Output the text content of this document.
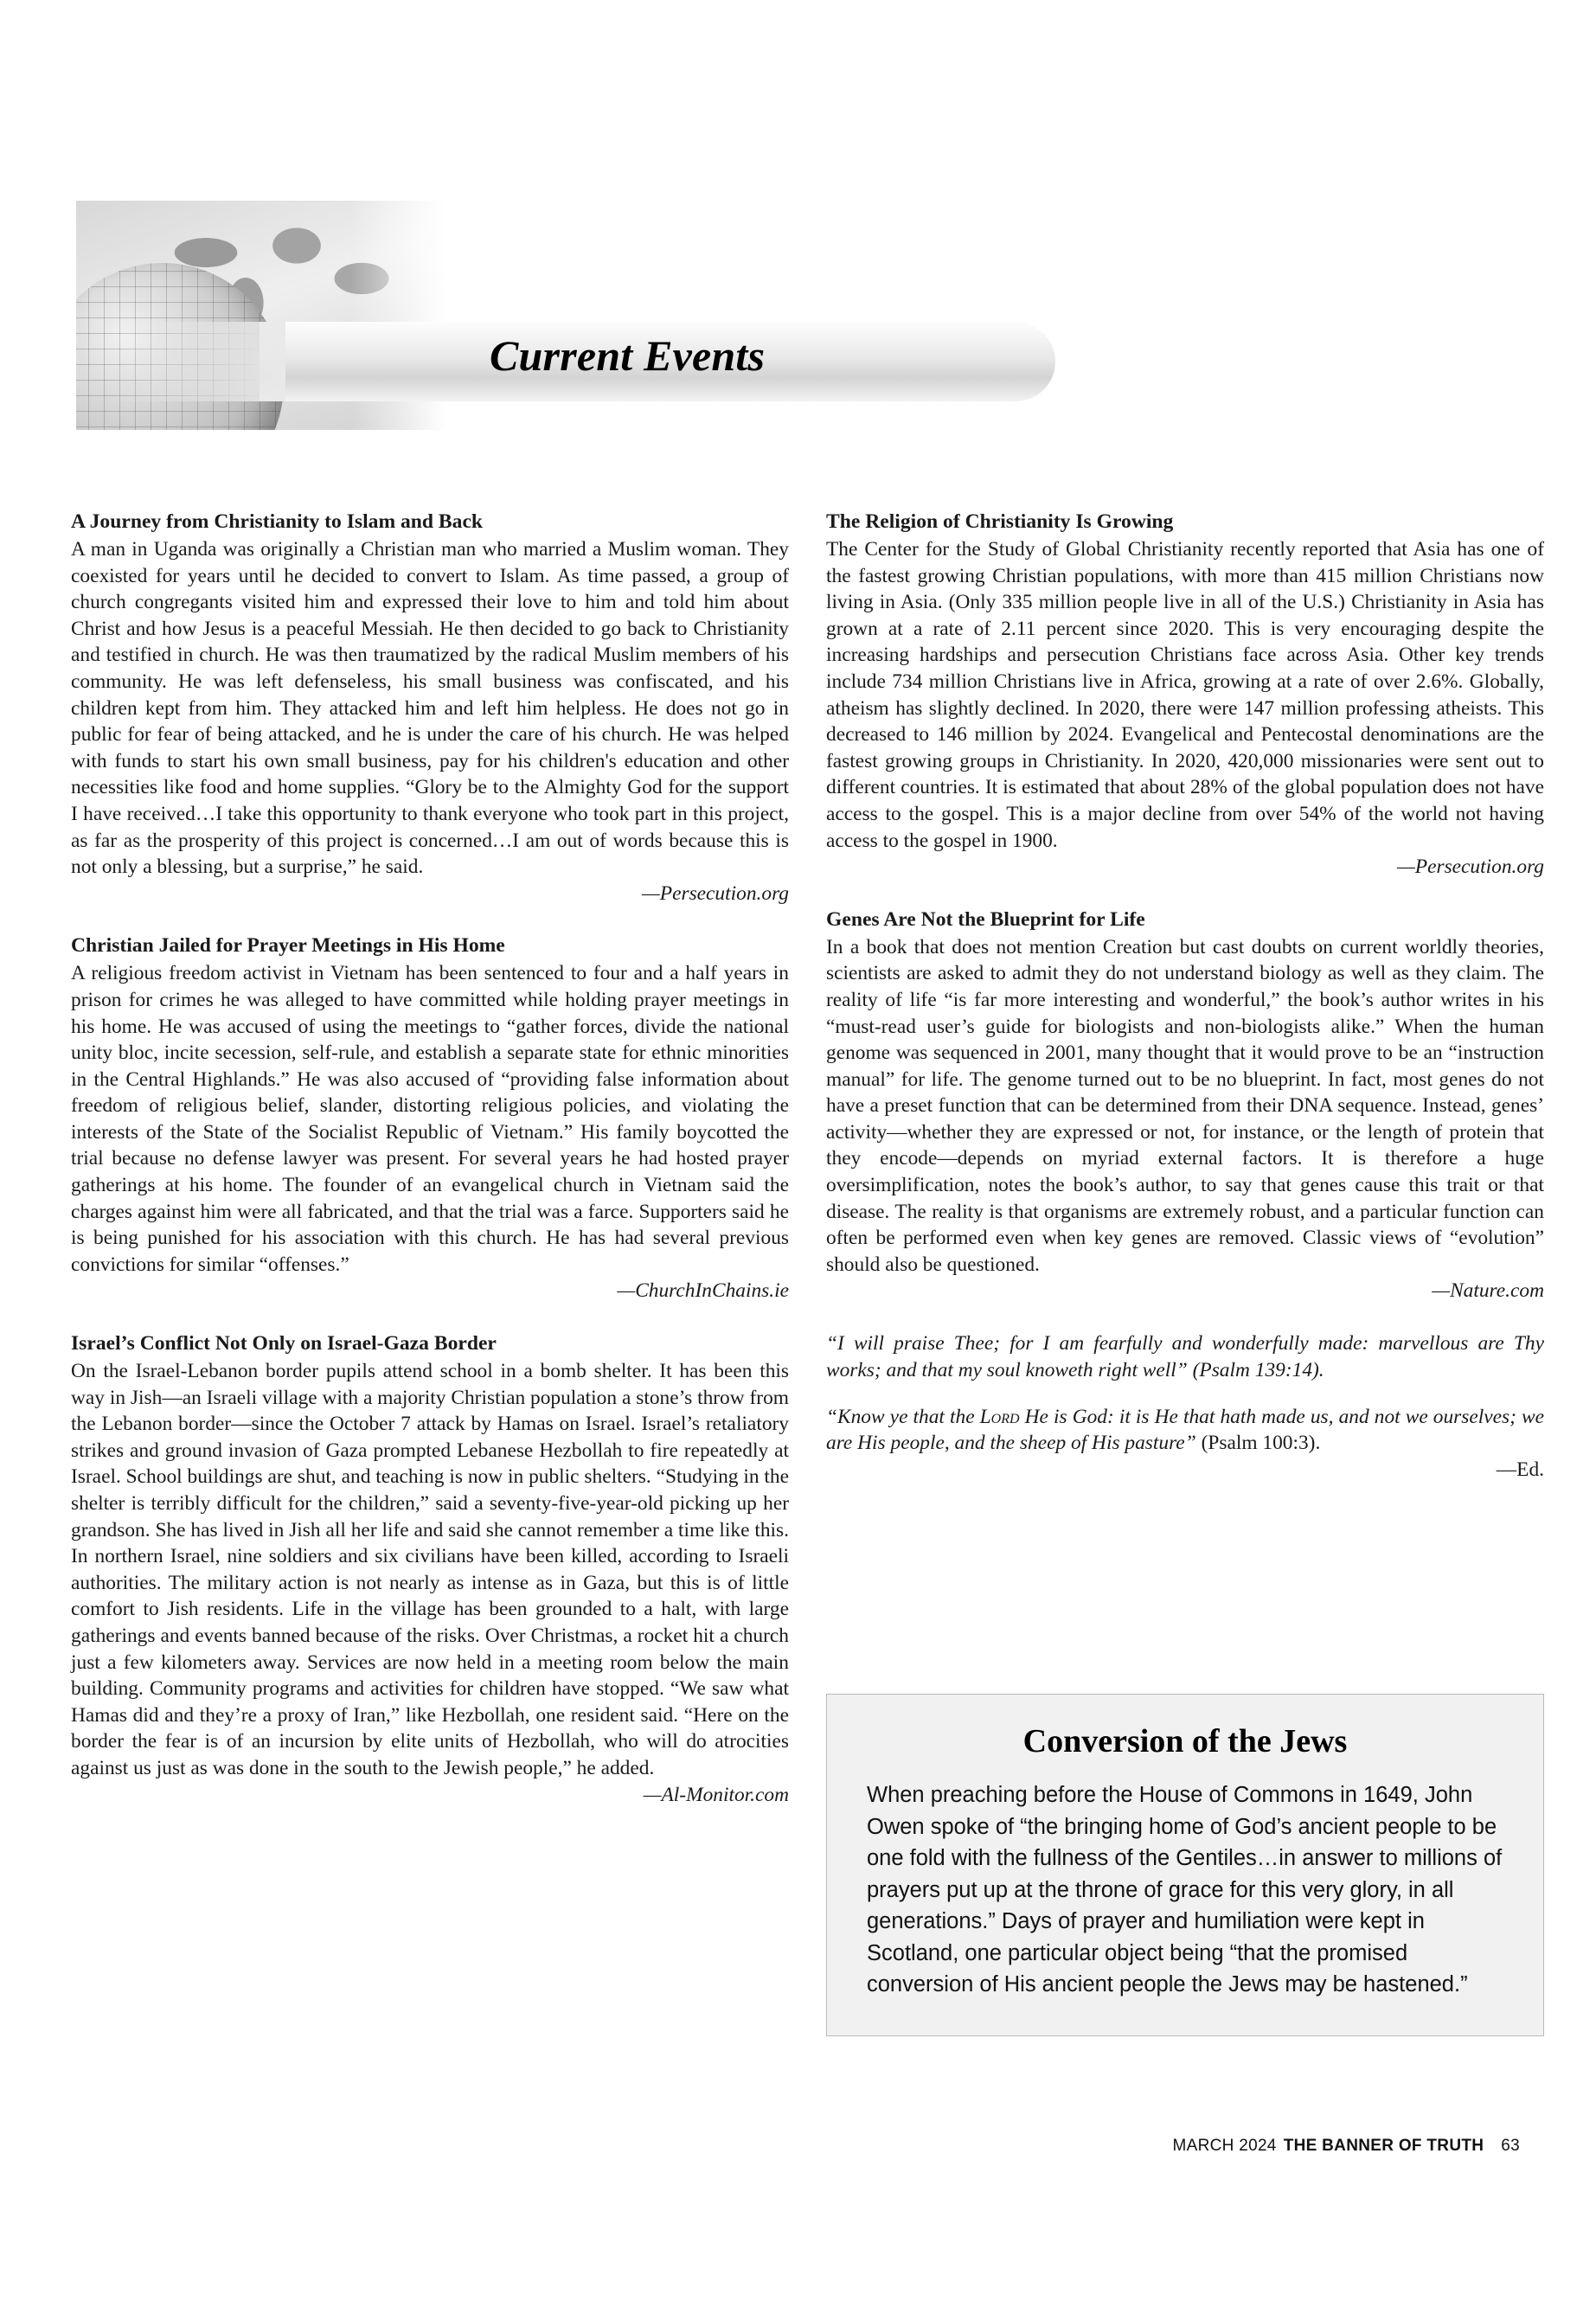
Current Events
A Journey from Christianity to Islam and Back

A man in Uganda was originally a Christian man who married a Muslim woman. They coexisted for years until he decided to convert to Islam. As time passed, a group of church congregants visited him and expressed their love to him and told him about Christ and how Jesus is a peaceful Messiah. He then decided to go back to Christianity and testified in church. He was then traumatized by the radical Muslim members of his community. He was left defenseless, his small business was confiscated, and his children kept from him. They attacked him and left him helpless. He does not go in public for fear of being attacked, and he is under the care of his church. He was helped with funds to start his own small business, pay for his children's education and other necessities like food and home supplies. “Glory be to the Almighty God for the support I have received…I take this opportunity to thank everyone who took part in this project, as far as the prosperity of this project is concerned…I am out of words because this is not only a blessing, but a surprise,” he said.

—Persecution.org

Christian Jailed for Prayer Meetings in His Home

A religious freedom activist in Vietnam has been sentenced to four and a half years in prison for crimes he was alleged to have committed while holding prayer meetings in his home. He was accused of using the meetings to “gather forces, divide the national unity bloc, incite secession, self-rule, and establish a separate state for ethnic minorities in the Central Highlands.” He was also accused of “providing false information about freedom of religious belief, slander, distorting religious policies, and violating the interests of the State of the Socialist Republic of Vietnam.” His family boycotted the trial because no defense lawyer was present. For several years he had hosted prayer gatherings at his home. The founder of an evangelical church in Vietnam said the charges against him were all fabricated, and that the trial was a farce. Supporters said he is being punished for his association with this church. He has had several previous convictions for similar “offenses.”

—ChurchInChains.ie

Israel’s Conflict Not Only on Israel-Gaza Border

On the Israel-Lebanon border pupils attend school in a bomb shelter. It has been this way in Jish—an Israeli village with a majority Christian population a stone’s throw from the Lebanon border—since the October 7 attack by Hamas on Israel. Israel’s retaliatory strikes and ground invasion of Gaza prompted Lebanese Hezbollah to fire repeatedly at Israel. School buildings are shut, and teaching is now in public shelters. “Studying in the shelter is terribly difficult for the children,” said a seventy-five-year-old picking up her grandson. She has lived in Jish all her life and said she cannot remember a time like this. In northern Israel, nine soldiers and six civilians have been killed, according to Israeli authorities. The military action is not nearly as intense as in Gaza, but this is of little comfort to Jish residents. Life in the village has been grounded to a halt, with large gatherings and events banned because of the risks. Over Christmas, a rocket hit a church just a few kilometers away. Services are now held in a meeting room below the main building. Community programs and activities for children have stopped. “We saw what Hamas did and they’re a proxy of Iran,” like Hezbollah, one resident said. “Here on the border the fear is of an incursion by elite units of Hezbollah, who will do atrocities against us just as was done in the south to the Jewish people,” he added.

—Al-Monitor.com

The Religion of Christianity Is Growing

The Center for the Study of Global Christianity recently reported that Asia has one of the fastest growing Christian populations, with more than 415 million Christians now living in Asia. (Only 335 million people live in all of the U.S.) Christianity in Asia has grown at a rate of 2.11 percent since 2020. This is very encouraging despite the increasing hardships and persecution Christians face across Asia. Other key trends include 734 million Christians live in Africa, growing at a rate of over 2.6%. Globally, atheism has slightly declined. In 2020, there were 147 million professing atheists. This decreased to 146 million by 2024. Evangelical and Pentecostal denominations are the fastest growing groups in Christianity. In 2020, 420,000 missionaries were sent out to different countries. It is estimated that about 28% of the global population does not have access to the gospel. This is a major decline from over 54% of the world not having access to the gospel in 1900.

—Persecution.org

Genes Are Not the Blueprint for Life

In a book that does not mention Creation but cast doubts on current worldly theories, scientists are asked to admit they do not understand biology as well as they claim. The reality of life “is far more interesting and wonderful,” the book’s author writes in his “must-read user’s guide for biologists and non-biologists alike.” When the human genome was sequenced in 2001, many thought that it would prove to be an “instruction manual” for life. The genome turned out to be no blueprint. In fact, most genes do not have a preset function that can be determined from their DNA sequence. Instead, genes’ activity—whether they are expressed or not, for instance, or the length of protein that they encode—depends on myriad external factors. It is therefore a huge oversimplification, notes the book’s author, to say that genes cause this trait or that disease. The reality is that organisms are extremely robust, and a particular function can often be performed even when key genes are removed. Classic views of “evolution” should also be questioned.

—Nature.com

“I will praise Thee; for I am fearfully and wonderfully made: marvellous are Thy works; and that my soul knoweth right well” (Psalm 139:14).

“Know ye that the Lord He is God: it is He that hath made us, and not we ourselves; we are His people, and the sheep of His pasture” (Psalm 100:3).
—Ed.

Conversion of the Jews

When preaching before the House of Commons in 1649, John Owen spoke of “the bringing home of God’s ancient people to be one fold with the fullness of the Gentiles…in answer to millions of prayers put up at the throne of grace for this very glory, in all generations.” Days of prayer and humiliation were kept in Scotland, one particular object being “that the promised conversion of His ancient people the Jews may be hastened.”

MARCH 2024 THE BANNER OF TRUTH 63
